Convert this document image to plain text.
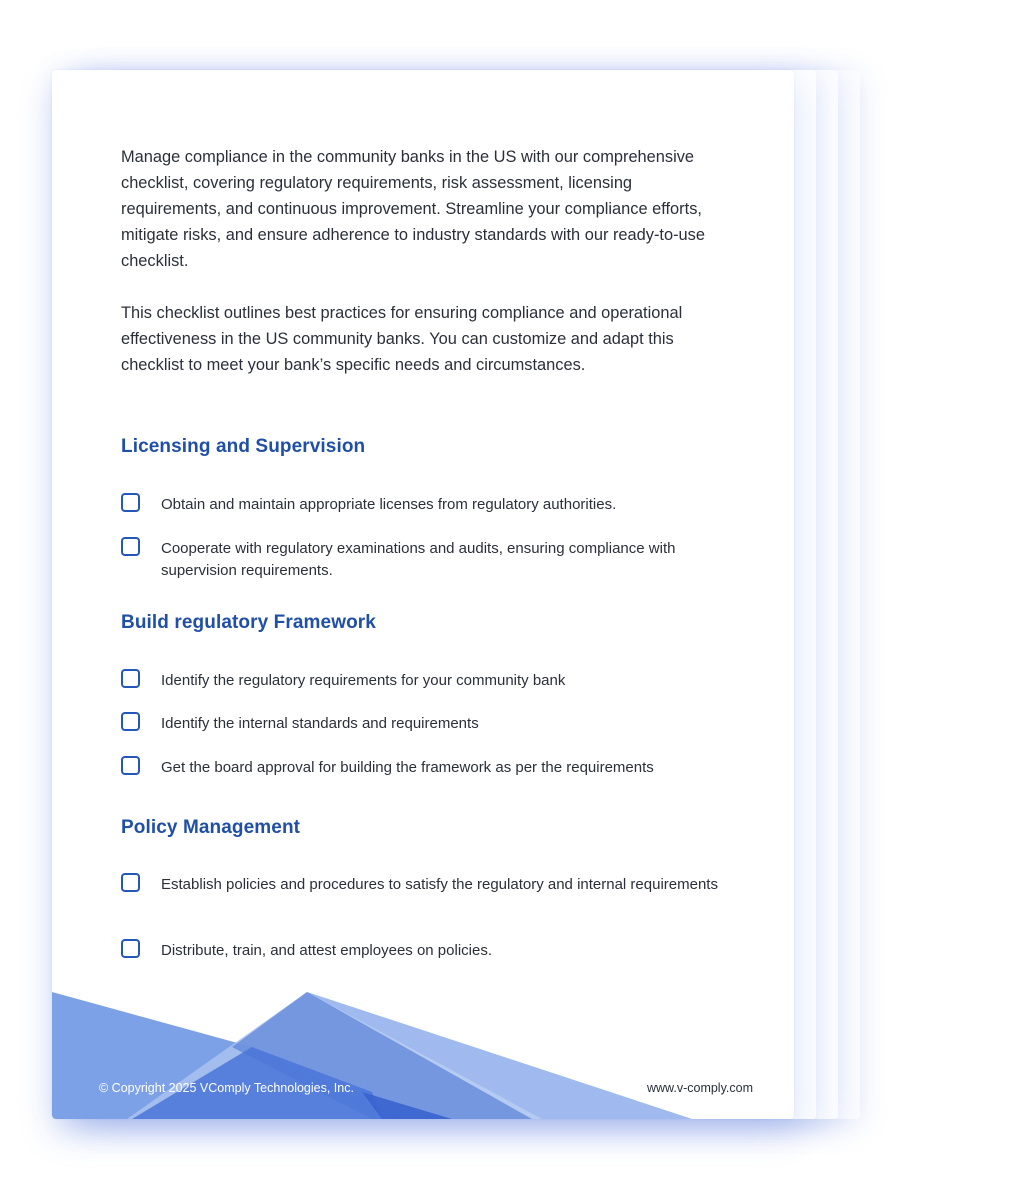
Manage compliance in the community banks in the US with our comprehensive checklist, covering regulatory requirements, risk assessment, licensing requirements, and continuous improvement. Streamline your compliance efforts, mitigate risks, and ensure adherence to industry standards with our ready-to-use checklist.

This checklist outlines best practices for ensuring compliance and operational effectiveness in the US community banks. You can customize and adapt this checklist to meet your bank’s specific needs and circumstances.

Licensing and Supervision
Obtain and maintain appropriate licenses from regulatory authorities.
Cooperate with regulatory examinations and audits, ensuring compliance with supervision requirements.
Build regulatory Framework
Identify the regulatory requirements for your community bank
Identify the internal standards and requirements
Get the board approval for building the framework as per the requirements
Policy Management
Establish policies and procedures to satisfy the regulatory and internal requirements
Distribute, train, and attest employees on policies.
© Copyright 2025 VComply Technologies, Inc.	www.v-comply.com
